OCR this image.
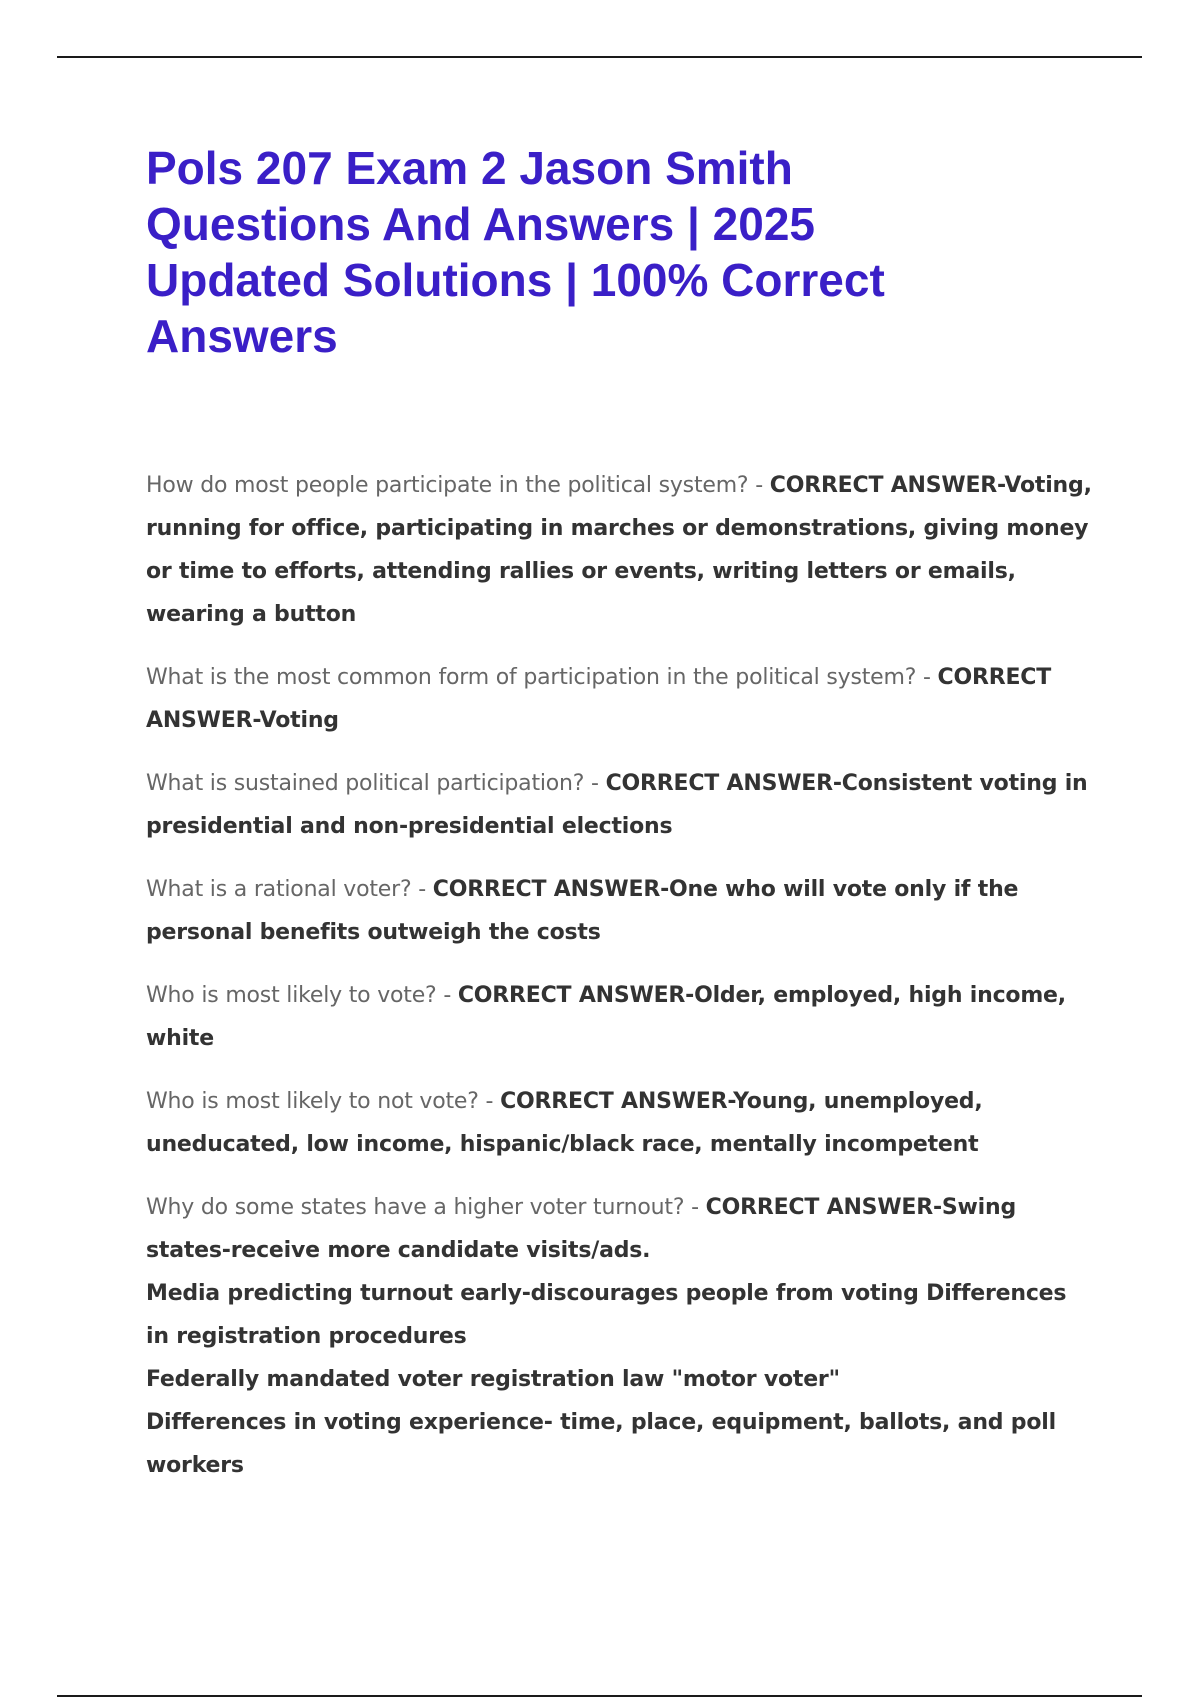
Pols 207 Exam 2 Jason Smith Questions And Answers | 2025 Updated Solutions | 100% Correct Answers

How do most people participate in the political system? - CORRECT ANSWER-Voting, running for office, participating in marches or demonstrations, giving money or time to efforts, attending rallies or events, writing letters or emails, wearing a button

What is the most common form of participation in the political system? - CORRECT ANSWER-Voting

What is sustained political participation? - CORRECT ANSWER-Consistent voting in presidential and non-presidential elections

What is a rational voter? - CORRECT ANSWER-One who will vote only if the personal benefits outweigh the costs

Who is most likely to vote? - CORRECT ANSWER-Older, employed, high income, white

Who is most likely to not vote? - CORRECT ANSWER-Young, unemployed, uneducated, low income, hispanic/black race, mentally incompetent

Why do some states have a higher voter turnout? - CORRECT ANSWER-Swing states-receive more candidate visits/ads.
Media predicting turnout early-discourages people from voting Differences in registration procedures
Federally mandated voter registration law "motor voter"
Differences in voting experience- time, place, equipment, ballots, and poll workers
